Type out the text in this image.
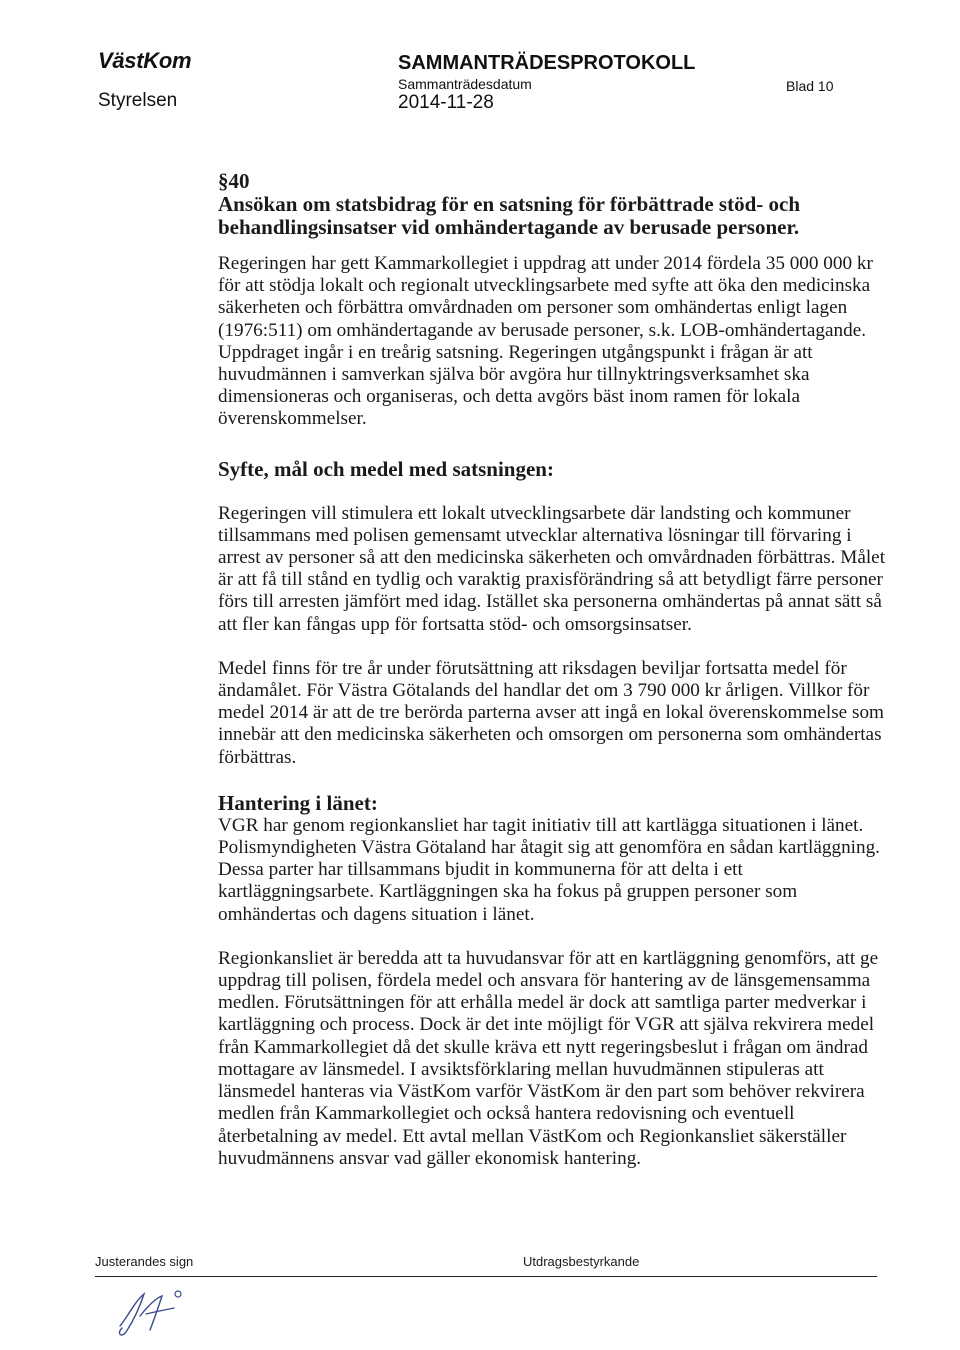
VästKom
Styrelsen
SAMMANTRÄDESPROTOKOLL
Sammanträdesdatum
2014-11-28
Blad 10
§40
Ansökan om statsbidrag för en satsning för förbättrade stöd- och behandlingsinsatser vid omhändertagande av berusade personer.

Regeringen har gett Kammarkollegiet i uppdrag att under 2014 fördela 35 000 000 kr för att stödja lokalt och regionalt utvecklingsarbete med syfte att öka den medicinska säkerheten och förbättra omvårdnaden om personer som omhändertas enligt lagen (1976:511) om omhändertagande av berusade personer, s.k. LOB-omhändertagande. Uppdraget ingår i en treårig satsning. Regeringen utgångspunkt i frågan är att huvudmännen i samverkan själva bör avgöra hur tillnyktringsverksamhet ska dimensioneras och organiseras, och detta avgörs bäst inom ramen för lokala överenskommelser.

Syfte, mål och medel med satsningen:

Regeringen vill stimulera ett lokalt utvecklingsarbete där landsting och kommuner tillsammans med polisen gemensamt utvecklar alternativa lösningar till förvaring i arrest av personer så att den medicinska säkerheten och omvårdnaden förbättras. Målet är att få till stånd en tydlig och varaktig praxisförändring så att betydligt färre personer förs till arresten jämfört med idag. Istället ska personerna omhändertas på annat sätt så att fler kan fångas upp för fortsatta stöd- och omsorgsinsatser.

Medel finns för tre år under förutsättning att riksdagen beviljar fortsatta medel för ändamålet. För Västra Götalands del handlar det om 3 790 000 kr årligen. Villkor för medel 2014 är att de tre berörda parterna avser att ingå en lokal överenskommelse som innebär att den medicinska säkerheten och omsorgen om personerna som omhändertas förbättras.

Hantering i länet:

VGR har genom regionkansliet har tagit initiativ till att kartlägga situationen i länet. Polismyndigheten Västra Götaland har åtagit sig att genomföra en sådan kartläggning. Dessa parter har tillsammans bjudit in kommunerna för att delta i ett kartläggningsarbete. Kartläggningen ska ha fokus på gruppen personer som omhändertas och dagens situation i länet.

Regionkansliet är beredda att ta huvudansvar för att en kartläggning genomförs, att ge uppdrag till polisen, fördela medel och ansvara för hantering av de länsgemensamma medlen. Förutsättningen för att erhålla medel är dock att samtliga parter medverkar i kartläggning och process. Dock är det inte möjligt för VGR att själva rekvirera medel från Kammarkollegiet då det skulle kräva ett nytt regeringsbeslut i frågan om ändrad mottagare av länsmedel. I avsiktsförklaring mellan huvudmännen stipuleras att länsmedel hanteras via VästKom varför VästKom är den part som behöver rekvirera medlen från Kammarkollegiet och också hantera redovisning och eventuell återbetalning av medel. Ett avtal mellan VästKom och Regionkansliet säkerställer huvudmännens ansvar vad gäller ekonomisk hantering.

Justerandes sign	Utdragsbestyrkande
